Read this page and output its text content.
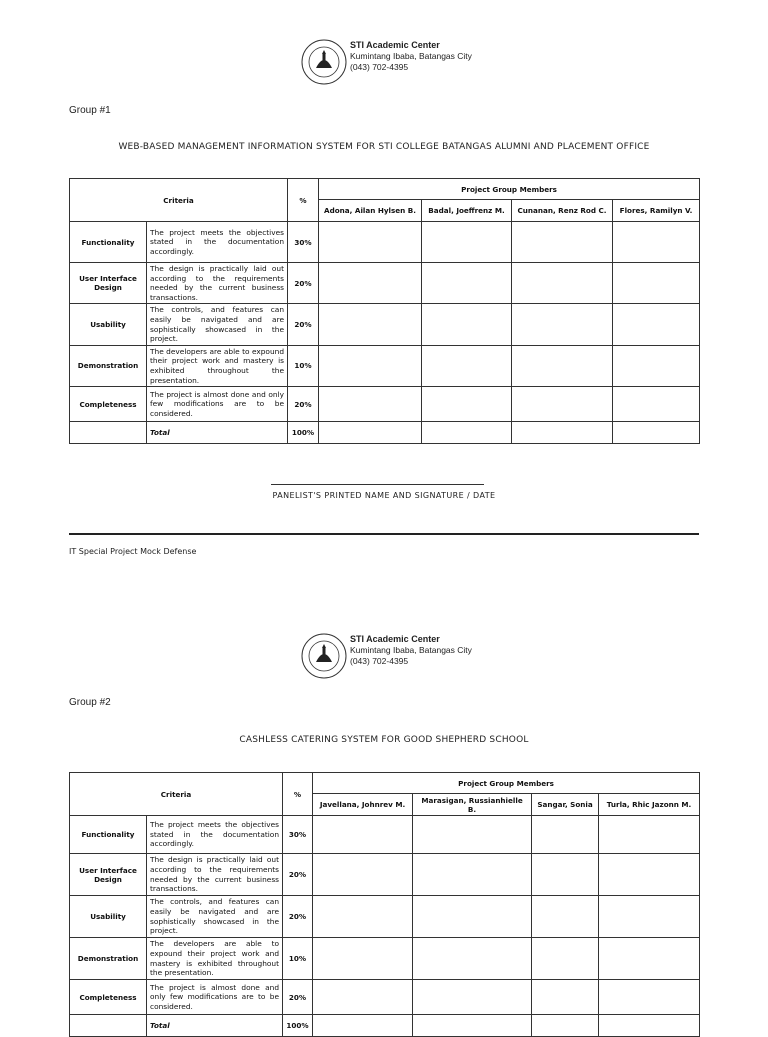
STI Academic Center
Kumintang Ibaba, Batangas City
(043) 702-4395
Group #1
WEB-BASED MANAGEMENT INFORMATION SYSTEM FOR STI COLLEGE BATANGAS ALUMNI AND PLACEMENT OFFICE
Criteria		%	Project Group Members			
			Adona, Ailan Hylsen B.	Badal, Joeffrenz M.	Cunanan, Renz Rod C.	Flores, Ramilyn V.
Functionality	The project meets the objectives stated in the documentation accordingly.	30%				
User Interface Design	The design is practically laid out according to the requirements needed by the current business transactions.	20%				
Usability	The controls, and features can easily be navigated and are sophistically showcased in the project.	20%				
Demonstration	The developers are able to expound their project work and mastery is exhibited throughout the presentation.	10%				
Completeness	The project is almost done and only few modifications are to be considered.	20%				
	Total	100%				
PANELIST'S PRINTED NAME AND SIGNATURE / DATE
IT Special Project Mock Defense
STI Academic Center
Kumintang Ibaba, Batangas City
(043) 702-4395
Group #2
CASHLESS CATERING SYSTEM FOR GOOD SHEPHERD SCHOOL
Criteria		%	Project Group Members			
			Javellana, Johnrev M.	Marasigan, Russianhielle B.	Sangar, Sonia	Turla, Rhic Jazonn M.
Functionality	The project meets the objectives stated in the documentation accordingly.	30%				
User Interface Design	The design is practically laid out according to the requirements needed by the current business transactions.	20%				
Usability	The controls, and features can easily be navigated and are sophistically showcased in the project.	20%				
Demonstration	The developers are able to expound their project work and mastery is exhibited throughout the presentation.	10%				
Completeness	The project is almost done and only few modifications are to be considered.	20%				
	Total	100%				
